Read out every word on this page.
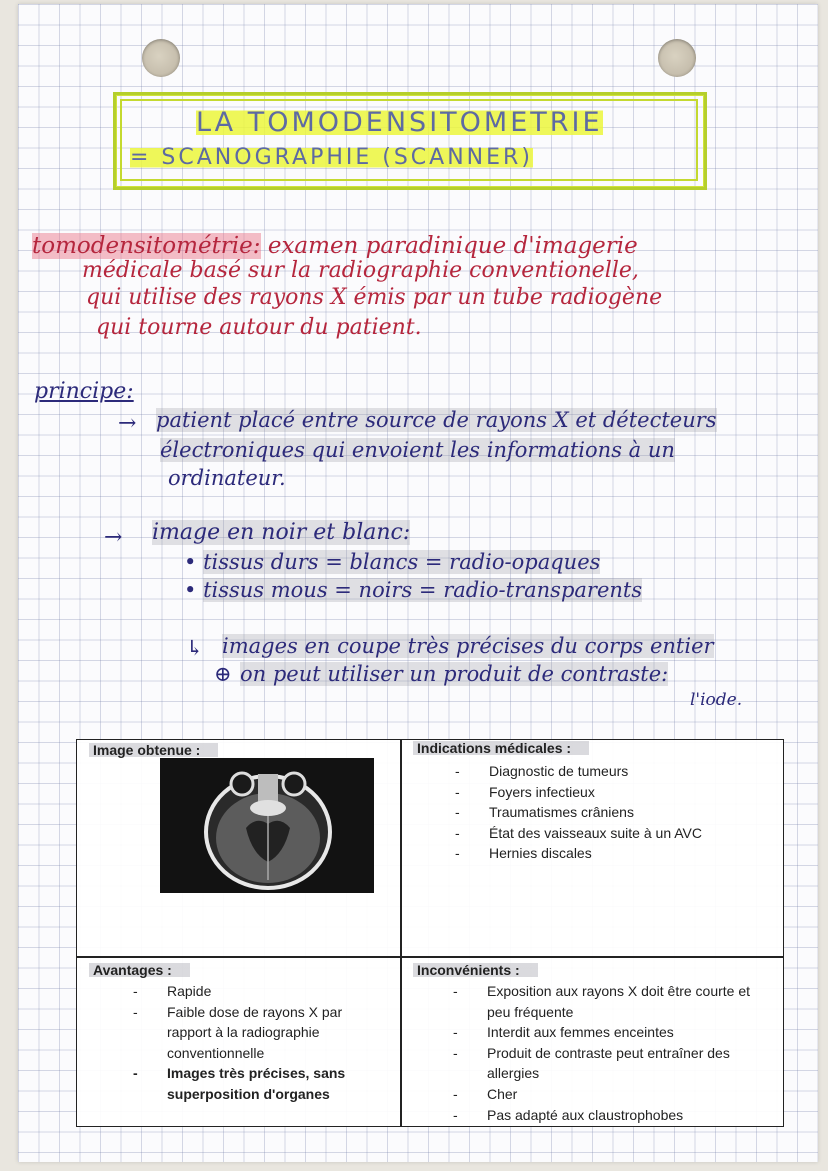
LA TOMODENSITOMETRIE
= SCANOGRAPHIE (SCANNER)
tomodensitométrie: examen paradinique d'imagerie
médicale basé sur la radiographie conventionelle,
qui utilise des rayons X émis par un tube radiogène
qui tourne autour du patient.
principe:
→ patient placé entre source de rayons X et détecteurs
électroniques qui envoient les informations à un
ordinateur.
→ image en noir et blanc:
• tissus durs = blancs = radio-opaques
• tissus mous = noirs = radio-transparents
↳ images en coupe très précises du corps entier
⊕ on peut utiliser un produit de contraste:
l'iode.
Image obtenue :	Indications médicales :
- Diagnostic de tumeurs
- Foyers infectieux
- Traumatismes crâniens
- État des vaisseaux suite à un AVC
- Hernies discales
Avantages :
- Rapide
- Faible dose de rayons X par rapport à la radiographie conventionnelle
- Images très précises, sans superposition d'organes
Inconvénients :
- Exposition aux rayons X doit être courte et peu fréquente
- Interdit aux femmes enceintes
- Produit de contraste peut entraîner des allergies
- Cher
- Pas adapté aux claustrophobes
